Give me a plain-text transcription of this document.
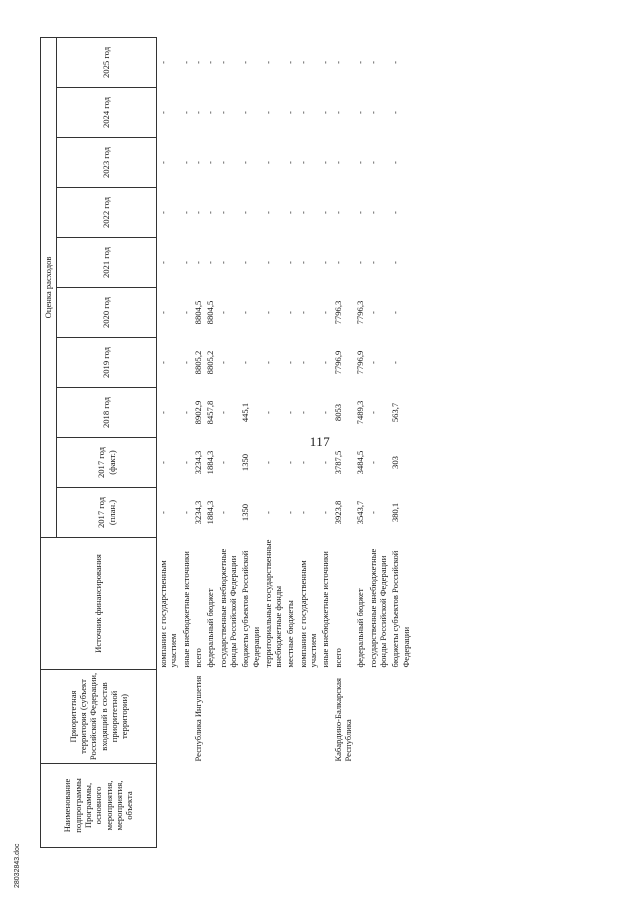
117
Наименование подпрограммы Программы, основного мероприятия, мероприятия, объекта	Приоритетная территория (субъект Российской Федерации, входящий в состав приоритетной территории)	Источник финансирования	Оценка расходов									
			2017 год (план.)	2017 год (факт.)	2018 год	2019 год	2020 год	2021 год	2022 год	2023 год	2024 год	2025 год
		компании с государственным участием	-	-	-	-	-	-	-	-	-	-
		иные внебюджетные источники	-	-	-	-	-	-	-	-	-	-
	Республика Ингушетия	всего	3234,3	3234,3	8902,9	8805,2	8804,5	-	-	-	-	-
		федеральный бюджет	1884,3	1884,3	8457,8	8805,2	8804,5	-	-	-	-	-
		государственные внебюджетные фонды Российской Федерации	-	-	-	-	-	-	-	-	-	-
		бюджеты субъектов Российской Федерации	1350	1350	445,1	-	-	-	-	-	-	-
		территориальные государственные внебюджетные фонды	-	-	-	-	-	-	-	-	-	-
		местные бюджеты	-	-	-	-	-	-	-	-	-	-
		компании с государственным участием	-	-	-	-	-	-	-	-	-	-
		иные внебюджетные источники	-	-	-	-	-	-	-	-	-	-
	Кабардино-Балкарская Республика	всего	3923,8	3787,5	8053	7796,9	7796,3	-	-	-	-	-
		федеральный бюджет	3543,7	3484,5	7489,3	7796,9	7796,3	-	-	-	-	-
		государственные внебюджетные фонды Российской Федерации	-	-	-	-	-	-	-	-	-	-
		бюджеты субъектов Российской Федерации	380,1	303	563,7	-	-	-	-	-	-	-
28032843.doc
